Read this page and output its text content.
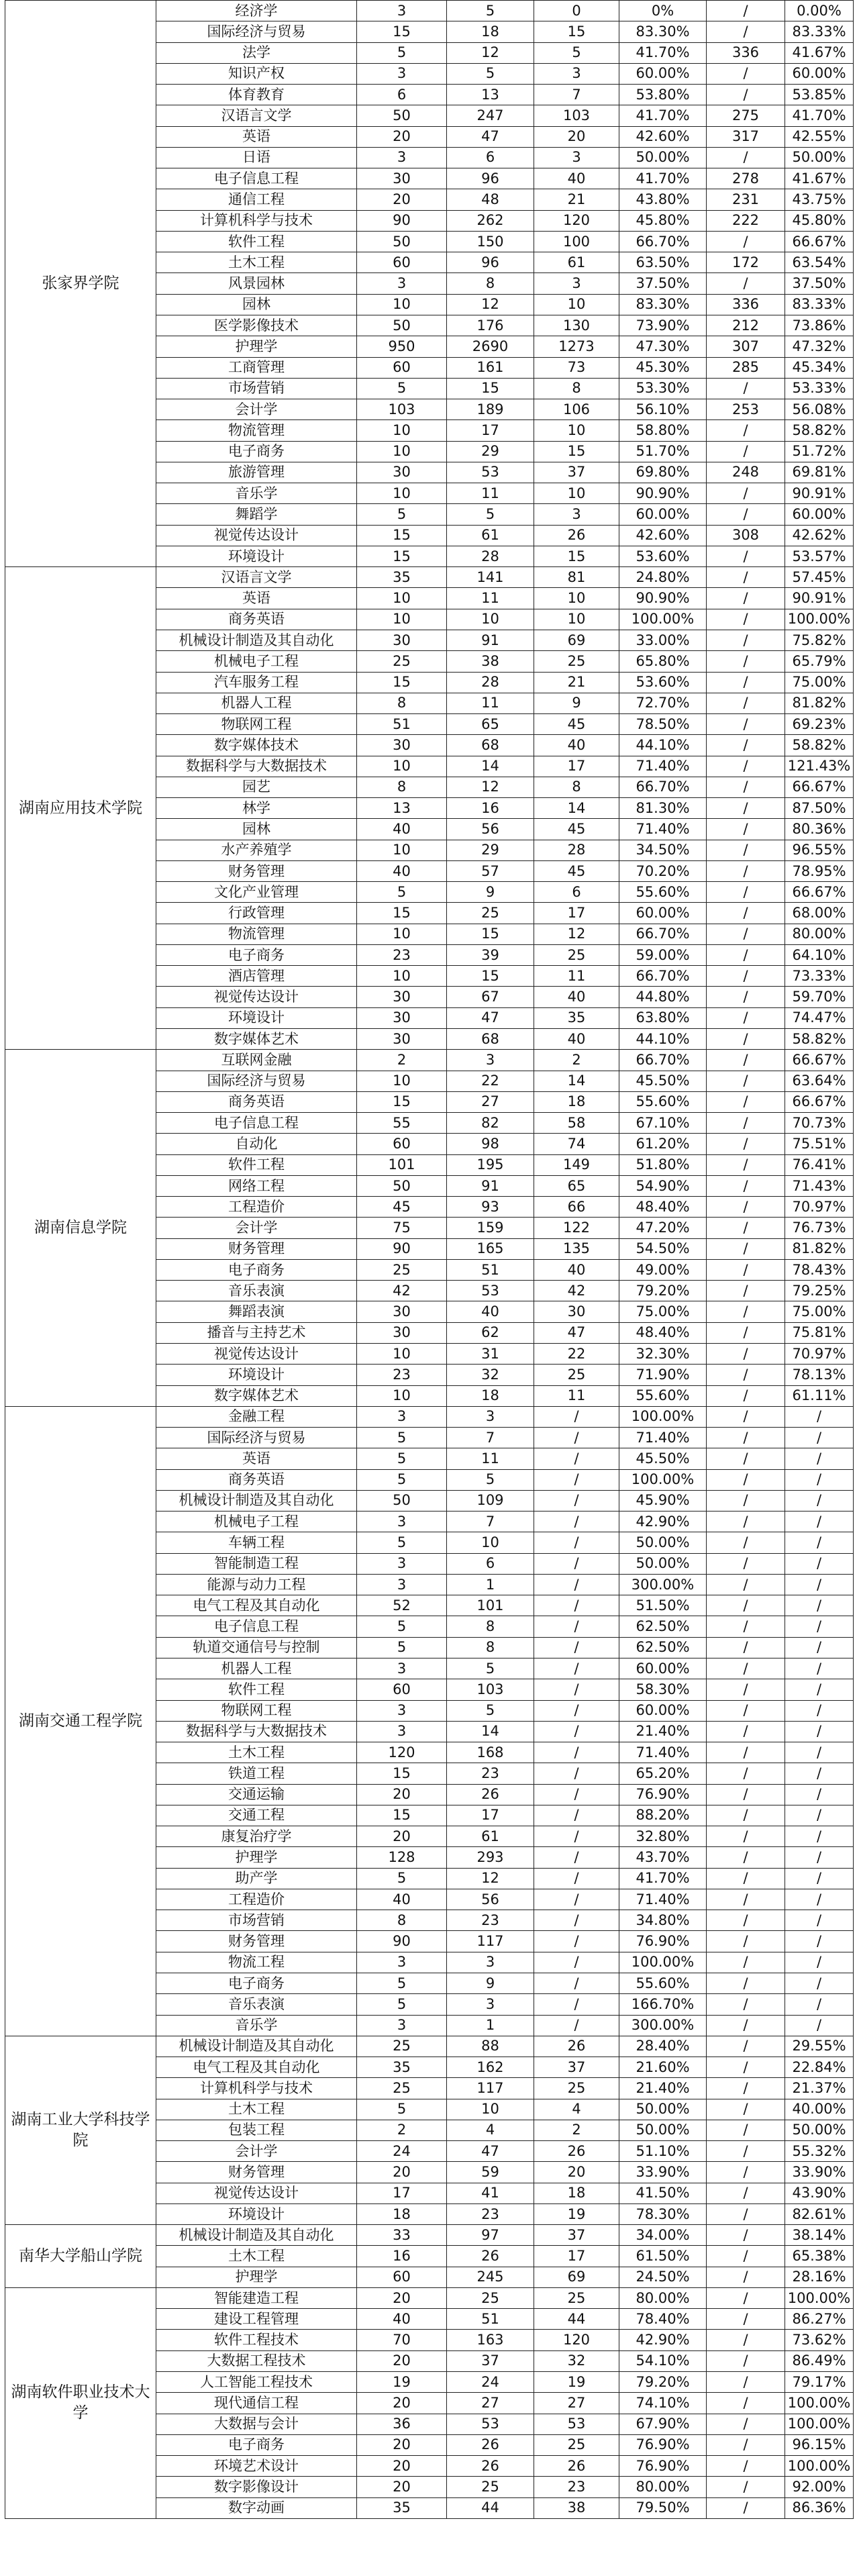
张家界学院	经济学	3	5	0	0%	/	0.00%
	国际经济与贸易	15	18	15	83.30%	/	83.33%
	法学	5	12	5	41.70%	336	41.67%
	知识产权	3	5	3	60.00%	/	60.00%
	体育教育	6	13	7	53.80%	/	53.85%
	汉语言文学	50	247	103	41.70%	275	41.70%
	英语	20	47	20	42.60%	317	42.55%
	日语	3	6	3	50.00%	/	50.00%
	电子信息工程	30	96	40	41.70%	278	41.67%
	通信工程	20	48	21	43.80%	231	43.75%
	计算机科学与技术	90	262	120	45.80%	222	45.80%
	软件工程	50	150	100	66.70%	/	66.67%
	土木工程	60	96	61	63.50%	172	63.54%
	风景园林	3	8	3	37.50%	/	37.50%
	园林	10	12	10	83.30%	336	83.33%
	医学影像技术	50	176	130	73.90%	212	73.86%
	护理学	950	2690	1273	47.30%	307	47.32%
	工商管理	60	161	73	45.30%	285	45.34%
	市场营销	5	15	8	53.30%	/	53.33%
	会计学	103	189	106	56.10%	253	56.08%
	物流管理	10	17	10	58.80%	/	58.82%
	电子商务	10	29	15	51.70%	/	51.72%
	旅游管理	30	53	37	69.80%	248	69.81%
	音乐学	10	11	10	90.90%	/	90.91%
	舞蹈学	5	5	3	60.00%	/	60.00%
	视觉传达设计	15	61	26	42.60%	308	42.62%
	环境设计	15	28	15	53.60%	/	53.57%
湖南应用技术学院	汉语言文学	35	141	81	24.80%	/	57.45%
	英语	10	11	10	90.90%	/	90.91%
	商务英语	10	10	10	100.00%	/	100.00%
	机械设计制造及其自动化	30	91	69	33.00%	/	75.82%
	机械电子工程	25	38	25	65.80%	/	65.79%
	汽车服务工程	15	28	21	53.60%	/	75.00%
	机器人工程	8	11	9	72.70%	/	81.82%
	物联网工程	51	65	45	78.50%	/	69.23%
	数字媒体技术	30	68	40	44.10%	/	58.82%
	数据科学与大数据技术	10	14	17	71.40%	/	121.43%
	园艺	8	12	8	66.70%	/	66.67%
	林学	13	16	14	81.30%	/	87.50%
	园林	40	56	45	71.40%	/	80.36%
	水产养殖学	10	29	28	34.50%	/	96.55%
	财务管理	40	57	45	70.20%	/	78.95%
	文化产业管理	5	9	6	55.60%	/	66.67%
	行政管理	15	25	17	60.00%	/	68.00%
	物流管理	10	15	12	66.70%	/	80.00%
	电子商务	23	39	25	59.00%	/	64.10%
	酒店管理	10	15	11	66.70%	/	73.33%
	视觉传达设计	30	67	40	44.80%	/	59.70%
	环境设计	30	47	35	63.80%	/	74.47%
	数字媒体艺术	30	68	40	44.10%	/	58.82%
湖南信息学院	互联网金融	2	3	2	66.70%	/	66.67%
	国际经济与贸易	10	22	14	45.50%	/	63.64%
	商务英语	15	27	18	55.60%	/	66.67%
	电子信息工程	55	82	58	67.10%	/	70.73%
	自动化	60	98	74	61.20%	/	75.51%
	软件工程	101	195	149	51.80%	/	76.41%
	网络工程	50	91	65	54.90%	/	71.43%
	工程造价	45	93	66	48.40%	/	70.97%
	会计学	75	159	122	47.20%	/	76.73%
	财务管理	90	165	135	54.50%	/	81.82%
	电子商务	25	51	40	49.00%	/	78.43%
	音乐表演	42	53	42	79.20%	/	79.25%
	舞蹈表演	30	40	30	75.00%	/	75.00%
	播音与主持艺术	30	62	47	48.40%	/	75.81%
	视觉传达设计	10	31	22	32.30%	/	70.97%
	环境设计	23	32	25	71.90%	/	78.13%
	数字媒体艺术	10	18	11	55.60%	/	61.11%
湖南交通工程学院	金融工程	3	3	/	100.00%	/	/
	国际经济与贸易	5	7	/	71.40%	/	/
	英语	5	11	/	45.50%	/	/
	商务英语	5	5	/	100.00%	/	/
	机械设计制造及其自动化	50	109	/	45.90%	/	/
	机械电子工程	3	7	/	42.90%	/	/
	车辆工程	5	10	/	50.00%	/	/
	智能制造工程	3	6	/	50.00%	/	/
	能源与动力工程	3	1	/	300.00%	/	/
	电气工程及其自动化	52	101	/	51.50%	/	/
	电子信息工程	5	8	/	62.50%	/	/
	轨道交通信号与控制	5	8	/	62.50%	/	/
	机器人工程	3	5	/	60.00%	/	/
	软件工程	60	103	/	58.30%	/	/
	物联网工程	3	5	/	60.00%	/	/
	数据科学与大数据技术	3	14	/	21.40%	/	/
	土木工程	120	168	/	71.40%	/	/
	铁道工程	15	23	/	65.20%	/	/
	交通运输	20	26	/	76.90%	/	/
	交通工程	15	17	/	88.20%	/	/
	康复治疗学	20	61	/	32.80%	/	/
	护理学	128	293	/	43.70%	/	/
	助产学	5	12	/	41.70%	/	/
	工程造价	40	56	/	71.40%	/	/
	市场营销	8	23	/	34.80%	/	/
	财务管理	90	117	/	76.90%	/	/
	物流工程	3	3	/	100.00%	/	/
	电子商务	5	9	/	55.60%	/	/
	音乐表演	5	3	/	166.70%	/	/
	音乐学	3	1	/	300.00%	/	/
湖南工业大学科技学院	机械设计制造及其自动化	25	88	26	28.40%	/	29.55%
	电气工程及其自动化	35	162	37	21.60%	/	22.84%
	计算机科学与技术	25	117	25	21.40%	/	21.37%
	土木工程	5	10	4	50.00%	/	40.00%
	包装工程	2	4	2	50.00%	/	50.00%
	会计学	24	47	26	51.10%	/	55.32%
	财务管理	20	59	20	33.90%	/	33.90%
	视觉传达设计	17	41	18	41.50%	/	43.90%
	环境设计	18	23	19	78.30%	/	82.61%
南华大学船山学院	机械设计制造及其自动化	33	97	37	34.00%	/	38.14%
	土木工程	16	26	17	61.50%	/	65.38%
	护理学	60	245	69	24.50%	/	28.16%
湖南软件职业技术大学	智能建造工程	20	25	25	80.00%	/	100.00%
	建设工程管理	40	51	44	78.40%	/	86.27%
	软件工程技术	70	163	120	42.90%	/	73.62%
	大数据工程技术	20	37	32	54.10%	/	86.49%
	人工智能工程技术	19	24	19	79.20%	/	79.17%
	现代通信工程	20	27	27	74.10%	/	100.00%
	大数据与会计	36	53	53	67.90%	/	100.00%
	电子商务	20	26	25	76.90%	/	96.15%
	环境艺术设计	20	26	26	76.90%	/	100.00%
	数字影像设计	20	25	23	80.00%	/	92.00%
	数字动画	35	44	38	79.50%	/	86.36%
